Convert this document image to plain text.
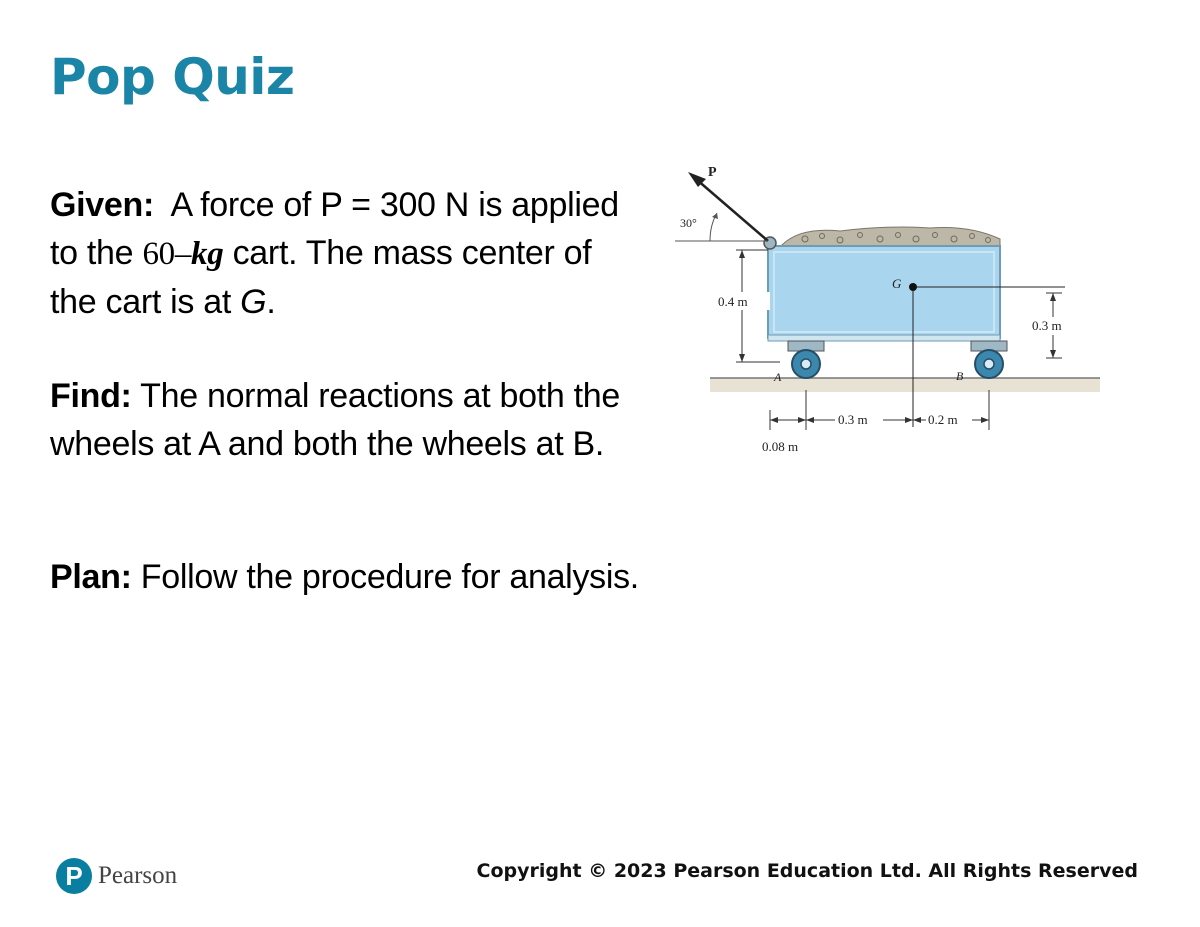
Pop Quiz
Given: A force of P = 300 N is applied to the 60–kg cart. The mass center of the cart is at G.
Find: The normal reactions at both the wheels at A and both the wheels at B.
Plan: Follow the procedure for analysis.
P
30°
G
A	B
0.4 m
0.3 m
0.3 m	0.2 m
0.08 m
P Pearson	Copyright © 2023 Pearson Education Ltd. All Rights Reserved
